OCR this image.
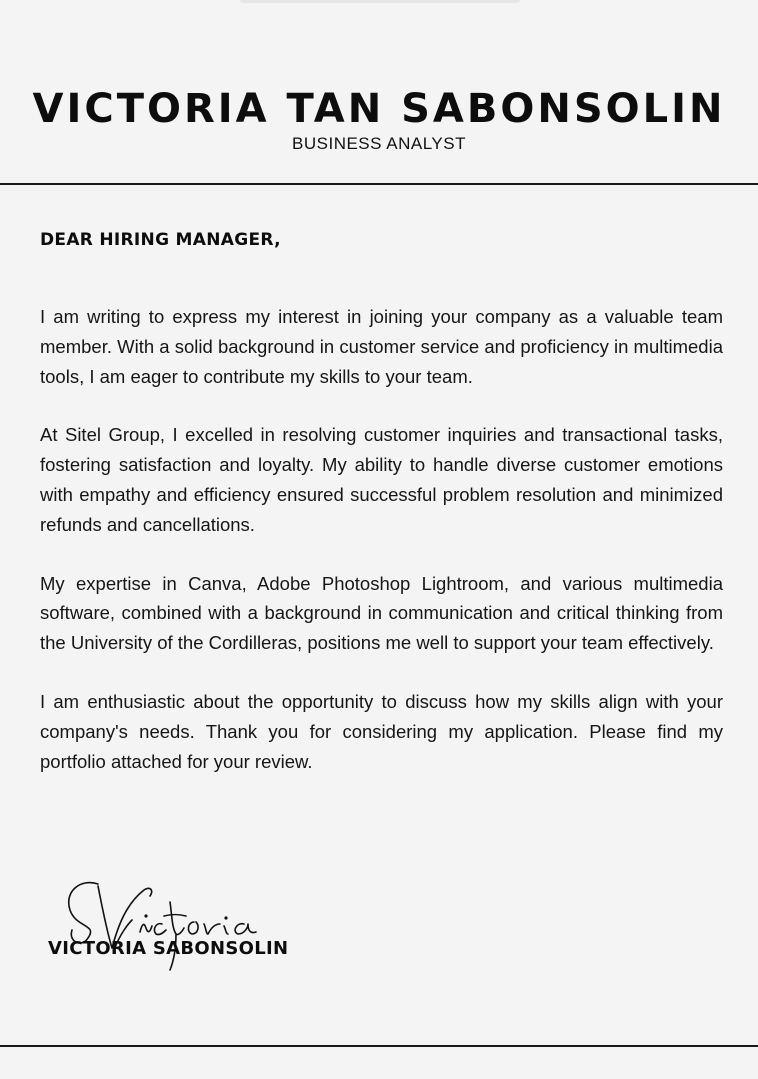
VICTORIA TAN SABONSOLIN

BUSINESS ANALYST

DEAR HIRING MANAGER,

I am writing to express my interest in joining your company as a valuable team member. With a solid background in customer service and proficiency in multimedia tools, I am eager to contribute my skills to your team.

At Sitel Group, I excelled in resolving customer inquiries and transactional tasks, fostering satisfaction and loyalty. My ability to handle diverse customer emotions with empathy and efficiency ensured successful problem resolution and minimized refunds and cancellations.

My expertise in Canva, Adobe Photoshop Lightroom, and various multimedia software, combined with a background in communication and critical thinking from the University of the Cordilleras, positions me well to support your team effectively.

I am enthusiastic about the opportunity to discuss how my skills align with your company's needs. Thank you for considering my application. Please find my portfolio attached for your review.

Victoria

VICTORIA SABONSOLIN
